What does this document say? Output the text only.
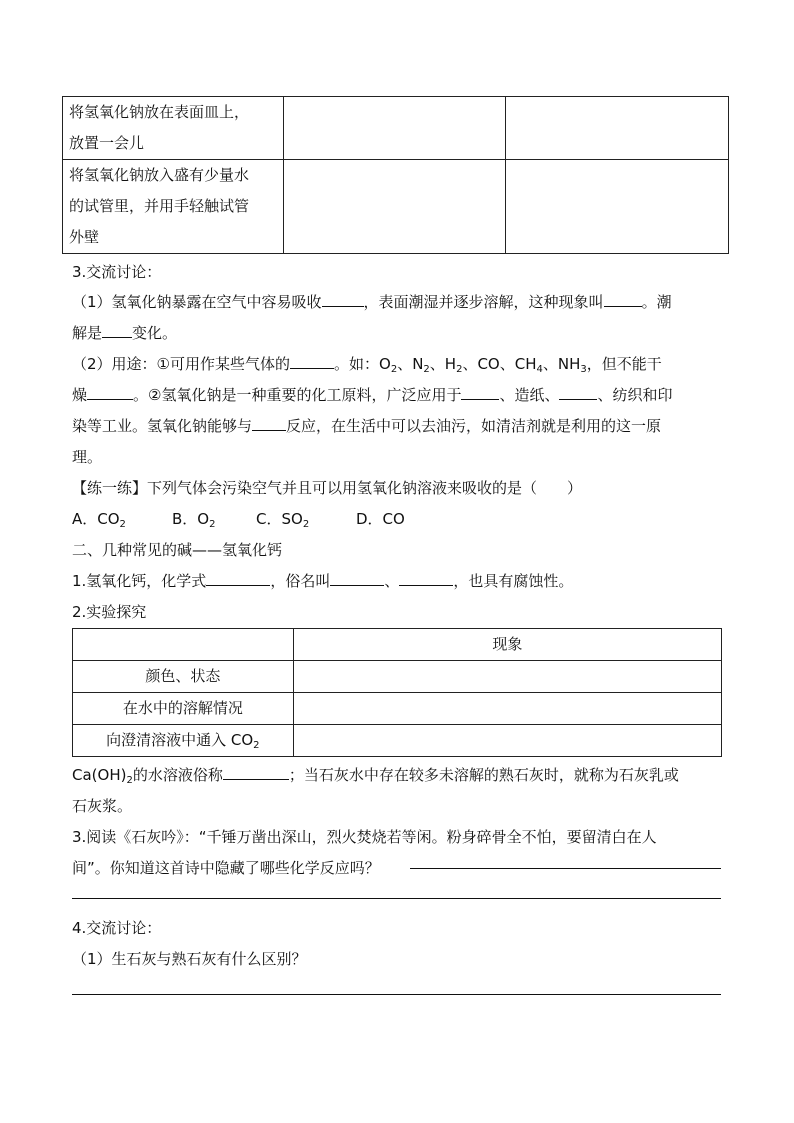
将氢氧化钠放在表面皿上，
放置一会儿		

将氢氧化钠放入盛有少量水
的试管里，并用手轻触试管
外壁		

3.交流讨论：
（1）氢氧化钠暴露在空气中容易吸收	，表面潮湿并逐步溶解，这种现象叫	。潮
解是 变化。
（2）用途：①可用作某些气体的	。如：$O_2$、$N_2$、$H_2$、CO、$CH_4$、$NH_3$，但不能干
燥	。②氢氧化钠是一种重要的化工原料，广泛应用于	、造纸、	、纺织和印
染等工业。氢氧化钠能够与 反应，在生活中可以去油污，如清洁剂就是利用的这一原
理。
【练一练】下列气体会污染空气并且可以用氢氧化钠溶液来吸收的是（　　）
A．$CO_2$	B．$O_2$	C．$SO_2$	D．CO
二、几种常见的碱——氢氧化钙
1.氢氧化钙，化学式	，俗名叫	、	，也具有腐蚀性。
2.实验探究
	现象
颜色、状态	
在水中的溶解情况	
向澄清溶液中通入 $CO_2$	
$Ca(OH)_2$的水溶液俗称	；当石灰水中存在较多未溶解的熟石灰时，就称为石灰乳或
石灰浆。
3.阅读《石灰吟》：“千锤万凿出深山，烈火焚烧若等闲。粉身碎骨全不怕，要留清白在人
间”。你知道这首诗中隐藏了哪些化学反应吗？
4.交流讨论：
（1）生石灰与熟石灰有什么区别？
